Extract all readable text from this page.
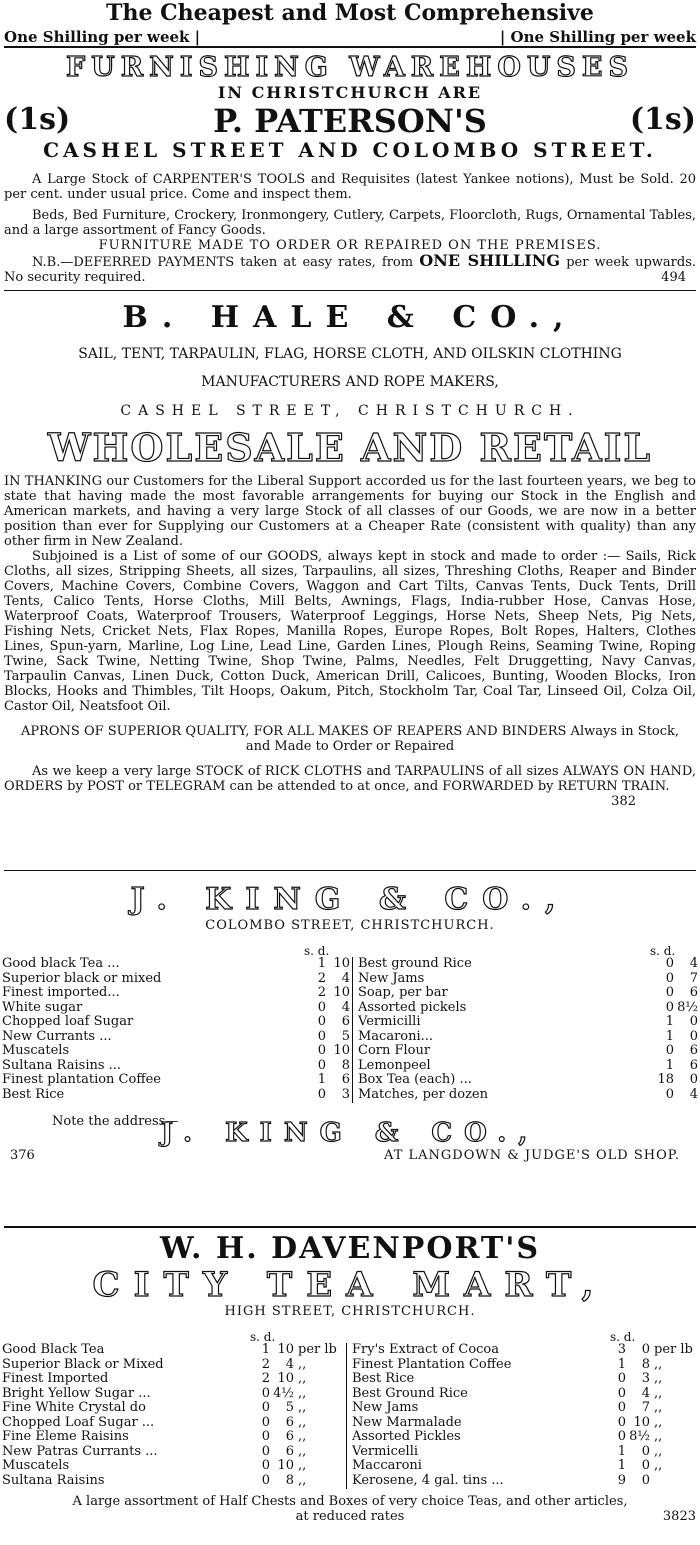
The Cheapest and Most Comprehensive
One Shilling per week |	| One Shilling per week
FURNISHING WAREHOUSES
IN CHRISTCHURCH ARE
(1s)	P. PATERSON'S	(1s)
CASHEL STREET AND COLOMBO STREET.
A Large Stock of CARPENTER'S TOOLS and Requisites (latest Yankee notions), Must be Sold. 20 per cent. under usual price. Come and inspect them.
Beds, Bed Furniture, Crockery, Ironmongery, Cutlery, Carpets, Floorcloth, Rugs, Ornamental Tables, and a large assortment of Fancy Goods.
FURNITURE MADE TO ORDER OR REPAIRED ON THE PREMISES.
N.B.—DEFERRED PAYMENTS taken at easy rates, from ONE SHILLING per week upwards. No security required.	494
B. HALE & CO.,
SAIL, TENT, TARPAULIN, FLAG, HORSE CLOTH, AND OILSKIN CLOTHING
MANUFACTURERS AND ROPE MAKERS,
CASHEL STREET, CHRISTCHURCH.
WHOLESALE AND RETAIL
IN THANKING our Customers for the Liberal Support accorded us for the last fourteen years, we beg to state that having made the most favorable arrangements for buying our Stock in the English and American markets, and having a very large Stock of all classes of our Goods, we are now in a better position than ever for Supplying our Customers at a Cheaper Rate (consistent with quality) than any other firm in New Zealand.
Subjoined is a List of some of our GOODS, always kept in stock and made to order :— Sails, Rick Cloths, all sizes, Stripping Sheets, all sizes, Tarpaulins, all sizes, Threshing Cloths, Reaper and Binder Covers, Machine Covers, Combine Covers, Waggon and Cart Tilts, Canvas Tents, Duck Tents, Drill Tents, Calico Tents, Horse Cloths, Mill Belts, Awnings, Flags, India-rubber Hose, Canvas Hose, Waterproof Coats, Waterproof Trousers, Waterproof Leggings, Horse Nets, Sheep Nets, Pig Nets, Fishing Nets, Cricket Nets, Flax Ropes, Manilla Ropes, Europe Ropes, Bolt Ropes, Halters, Clothes Lines, Spun-yarn, Marline, Log Line, Lead Line, Garden Lines, Plough Reins, Seaming Twine, Roping Twine, Sack Twine, Netting Twine, Shop Twine, Palms, Needles, Felt Druggetting, Navy Canvas, Tarpaulin Canvas, Linen Duck, Cotton Duck, American Drill, Calicoes, Bunting, Wooden Blocks, Iron Blocks, Hooks and Thimbles, Tilt Hoops, Oakum, Pitch, Stockholm Tar, Coal Tar, Linseed Oil, Colza Oil, Castor Oil, Neatsfoot Oil.
APRONS OF SUPERIOR QUALITY, FOR ALL MAKES OF REAPERS AND BINDERS Always in Stock, and Made to Order or Repaired
As we keep a very large STOCK of RICK CLOTHS and TARPAULINS of all sizes ALWAYS ON HAND, ORDERS by POST or TELEGRAM can be attended to at once, and FORWARDED by RETURN TRAIN.
382
J. KING & CO.,
COLOMBO STREET, CHRISTCHURCH.
s. d.	s. d.
Good black Tea ...		1	10
Superior black or mixed		2	4
Finest imported...		2	10
White sugar		0	4
Chopped loaf Sugar		0	6
New Currants ...		0	5
Muscatels		0	10
Sultana Raisins ...		0	8
Finest plantation Coffee		1	6
Best Rice		0	3
Best ground Rice		0	4
New Jams		0	7
Soap, per bar		0	6
Assorted pickels		0	8½
Vermicilli		1	0
Macaroni...		1	0
Corn Flour		0	6
Lemonpeel		1	6
Box Tea (each) ...		18	0
Matches, per dozen		0	4
Note the address—
J. KING & CO.,
376	AT LANGDOWN & JUDGE'S OLD SHOP.
W. H. DAVENPORT'S
CITY TEA MART,
HIGH STREET, CHRISTCHURCH.
s. d.	s. d.
Good Black Tea		1	10	per lb
Superior Black or Mixed		2	4	,,
Finest Imported		2	10	,,
Bright Yellow Sugar ...		0	4½	,,
Fine White Crystal do		0	5	,,
Chopped Loaf Sugar ...		0	6	,,
Fine Eleme Raisins		0	6	,,
New Patras Currants ...		0	6	,,
Muscatels		0	10	,,
Sultana Raisins		0	8	,,
Fry's Extract of Cocoa		3	0	per lb
Finest Plantation Coffee		1	8	,,
Best Rice		0	3	,,
Best Ground Rice		0	4	,,
New Jams		0	7	,,
New Marmalade		0	10	,,
Assorted Pickles		0	8½	,,
Vermicelli		1	0	,,
Maccaroni		1	0	,,
Kerosene, 4 gal. tins ...		9	0	
A large assortment of Half Chests and Boxes of very choice Teas, and other articles,
at reduced rates	3823
